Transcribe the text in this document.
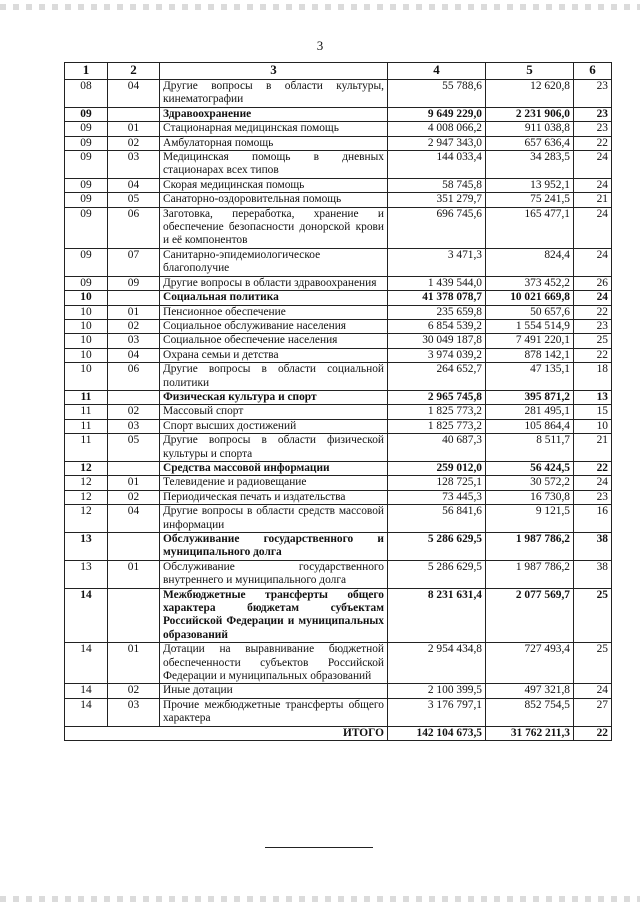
3
1	2	3	4	5	6
08	04	Другие вопросы в области культуры, кинематографии	55 788,6	12 620,8	23
09		Здравоохранение	9 649 229,0	2 231 906,0	23
09	01	Стационарная медицинская помощь	4 008 066,2	911 038,8	23
09	02	Амбулаторная помощь	2 947 343,0	657 636,4	22
09	03	Медицинская помощь в дневных стационарах всех типов	144 033,4	34 283,5	24
09	04	Скорая медицинская помощь	58 745,8	13 952,1	24
09	05	Санаторно-оздоровительная помощь	351 279,7	75 241,5	21
09	06	Заготовка, переработка, хранение и обеспечение безопасности донорской крови и её компонентов	696 745,6	165 477,1	24
09	07	Санитарно-эпидемиологическое благополучие	3 471,3	824,4	24
09	09	Другие вопросы в области здравоохранения	1 439 544,0	373 452,2	26
10		Социальная политика	41 378 078,7	10 021 669,8	24
10	01	Пенсионное обеспечение	235 659,8	50 657,6	22
10	02	Социальное обслуживание населения	6 854 539,2	1 554 514,9	23
10	03	Социальное обеспечение населения	30 049 187,8	7 491 220,1	25
10	04	Охрана семьи и детства	3 974 039,2	878 142,1	22
10	06	Другие вопросы в области социальной политики	264 652,7	47 135,1	18
11		Физическая культура и спорт	2 965 745,8	395 871,2	13
11	02	Массовый спорт	1 825 773,2	281 495,1	15
11	03	Спорт высших достижений	1 825 773,2	105 864,4	10
11	05	Другие вопросы в области физической культуры и спорта	40 687,3	8 511,7	21
12		Средства массовой информации	259 012,0	56 424,5	22
12	01	Телевидение и радиовещание	128 725,1	30 572,2	24
12	02	Периодическая печать и издательства	73 445,3	16 730,8	23
12	04	Другие вопросы в области средств массовой информации	56 841,6	9 121,5	16
13		Обслуживание государственного и муниципального долга	5 286 629,5	1 987 786,2	38
13	01	Обслуживание государственного внутреннего и муниципального долга	5 286 629,5	1 987 786,2	38
14		Межбюджетные трансферты общего характера бюджетам субъектам Российской Федерации и муниципальных образований	8 231 631,4	2 077 569,7	25
14	01	Дотации на выравнивание бюджетной обеспеченности субъектов Российской Федерации и муниципальных образований	2 954 434,8	727 493,4	25
14	02	Иные дотации	2 100 399,5	497 321,8	24
14	03	Прочие межбюджетные трансферты общего характера	3 176 797,1	852 754,5	27
ИТОГО			142 104 673,5	31 762 211,3	22
